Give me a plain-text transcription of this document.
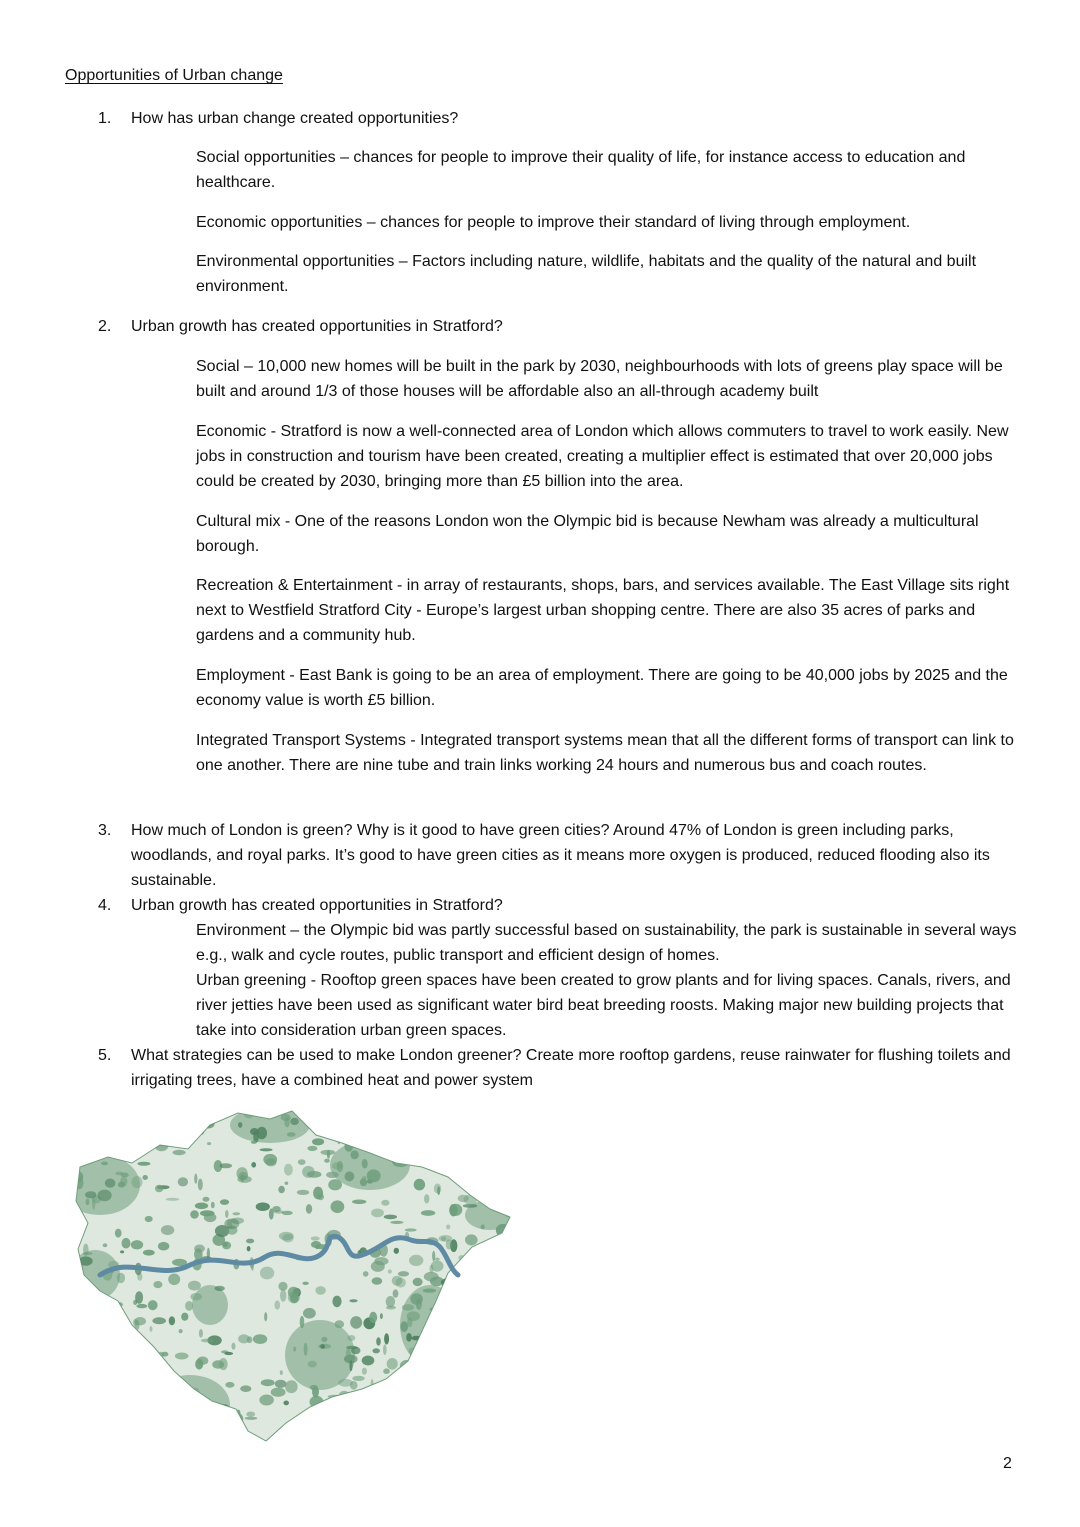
Opportunities of Urban change
1.	How has urban change created opportunities?

Social opportunities – chances for people to improve their quality of life, for instance access to education and healthcare.

Economic opportunities – chances for people to improve their standard of living through employment.

Environmental opportunities – Factors including nature, wildlife, habitats and the quality of the natural and built environment.

2.	Urban growth has created opportunities in Stratford?

Social – 10,000 new homes will be built in the park by 2030, neighbourhoods with lots of greens play space will be built and around 1/3 of those houses will be affordable also an all-through academy built

Economic - Stratford is now a well-connected area of London which allows commuters to travel to work easily. New jobs in construction and tourism have been created, creating a multiplier effect is estimated that over 20,000 jobs could be created by 2030, bringing more than £5 billion into the area.

Cultural mix - One of the reasons London won the Olympic bid is because Newham was already a multicultural borough.

Recreation & Entertainment - in array of restaurants, shops, bars, and services available. The East Village sits right next to Westfield Stratford City - Europe’s largest urban shopping centre. There are also 35 acres of parks and gardens and a community hub.

Employment - East Bank is going to be an area of employment. There are going to be 40,000 jobs by 2025 and the economy value is worth £5 billion.

Integrated Transport Systems - Integrated transport systems mean that all the different forms of transport can link to one another. There are nine tube and train links working 24 hours and numerous bus and coach routes.

3.	How much of London is green? Why is it good to have green cities? Around 47% of London is green including parks, woodlands, and royal parks. It’s good to have green cities as it means more oxygen is produced, reduced flooding also its sustainable.
4.	Urban growth has created opportunities in Stratford?

Environment – the Olympic bid was partly successful based on sustainability, the park is sustainable in several ways e.g., walk and cycle routes, public transport and efficient design of homes.

Urban greening - Rooftop green spaces have been created to grow plants and for living spaces. Canals, rivers, and river jetties have been used as significant water bird beat breeding roosts. Making major new building projects that take into consideration urban green spaces.

5.	What strategies can be used to make London greener? Create more rooftop gardens, reuse rainwater for flushing toilets and irrigating trees, have a combined heat and power system
2
